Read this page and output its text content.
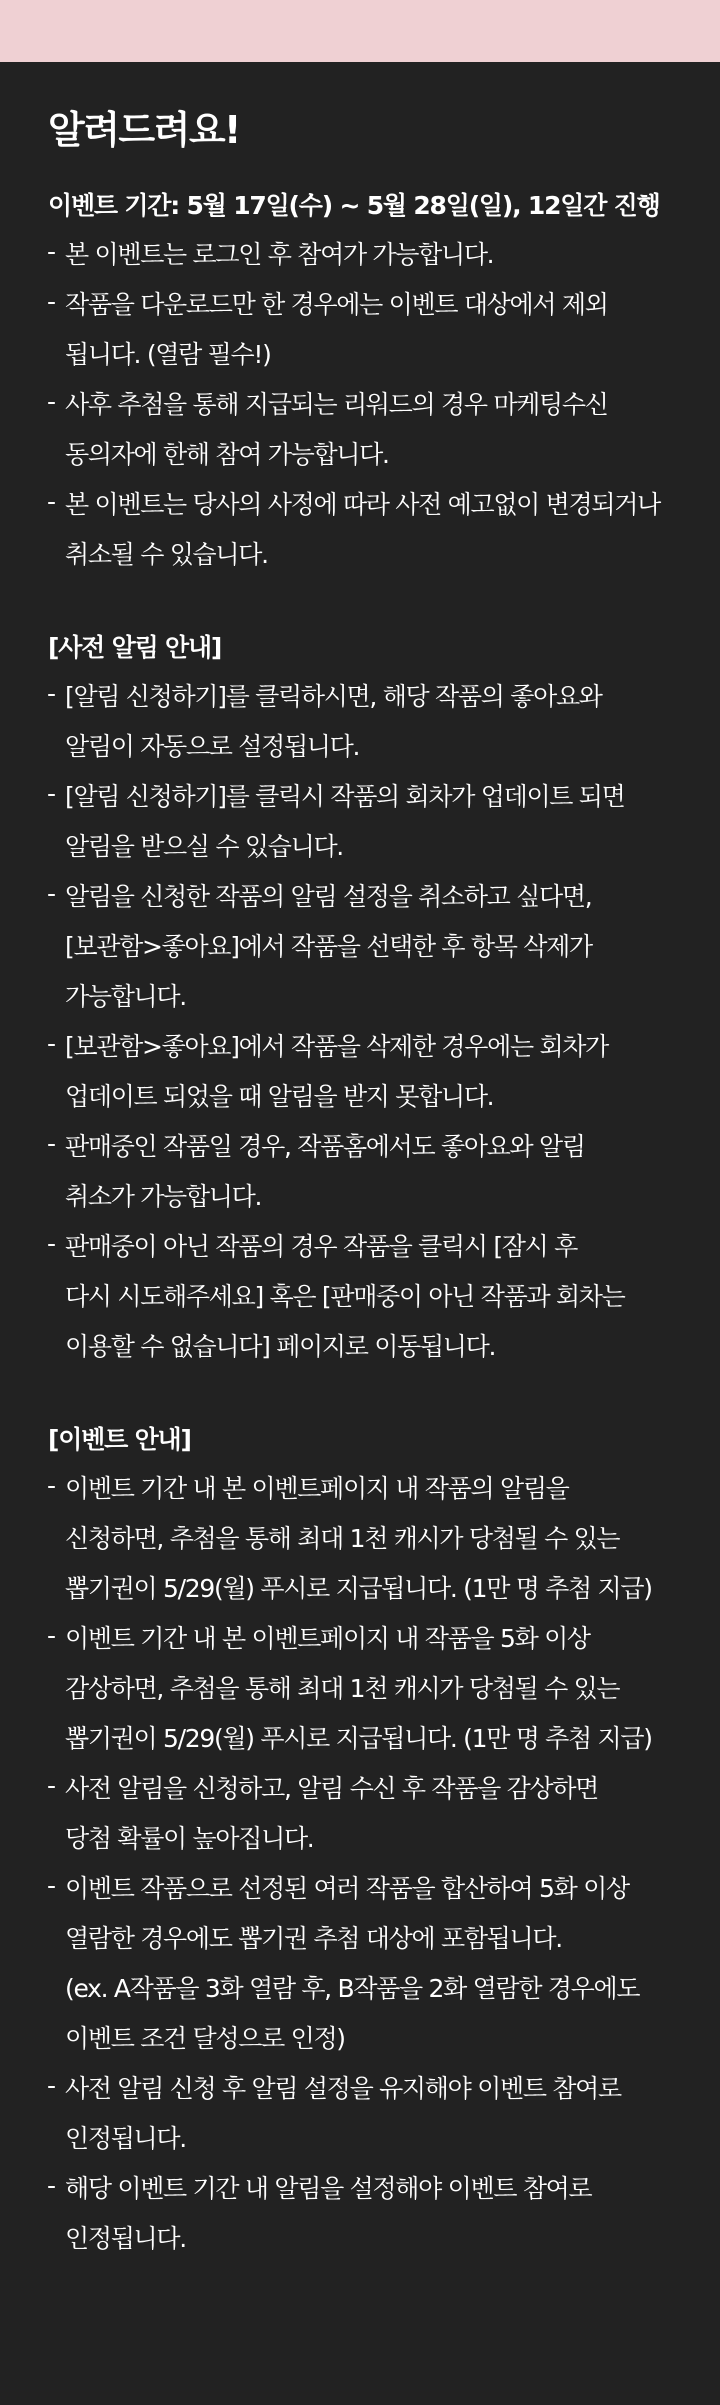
알려드려요!

이벤트 기간: 5월 17일(수) ~ 5월 28일(일), 12일간 진행

- 본 이벤트는 로그인 후 참여가 가능합니다.
- 작품을 다운로드만 한 경우에는 이벤트 대상에서 제외
됩니다. (열람 필수!)
- 사후 추첨을 통해 지급되는 리워드의 경우 마케팅수신
동의자에 한해 참여 가능합니다.
- 본 이벤트는 당사의 사정에 따라 사전 예고없이 변경되거나
취소될 수 있습니다.
[사전 알림 안내]
- [알림 신청하기]를 클릭하시면, 해당 작품의 좋아요와
알림이 자동으로 설정됩니다.
- [알림 신청하기]를 클릭시 작품의 회차가 업데이트 되면
알림을 받으실 수 있습니다.
- 알림을 신청한 작품의 알림 설정을 취소하고 싶다면,
[보관함>좋아요]에서 작품을 선택한 후 항목 삭제가
가능합니다.
- [보관함>좋아요]에서 작품을 삭제한 경우에는 회차가
업데이트 되었을 때 알림을 받지 못합니다.
- 판매중인 작품일 경우, 작품홈에서도 좋아요와 알림
취소가 가능합니다.
- 판매중이 아닌 작품의 경우 작품을 클릭시 [잠시 후
다시 시도해주세요] 혹은 [판매중이 아닌 작품과 회차는
이용할 수 없습니다] 페이지로 이동됩니다.
[이벤트 안내]
- 이벤트 기간 내 본 이벤트페이지 내 작품의 알림을
신청하면, 추첨을 통해 최대 1천 캐시가 당첨될 수 있는
뽑기권이 5/29(월) 푸시로 지급됩니다. (1만 명 추첨 지급)
- 이벤트 기간 내 본 이벤트페이지 내 작품을 5화 이상
감상하면, 추첨을 통해 최대 1천 캐시가 당첨될 수 있는
뽑기권이 5/29(월) 푸시로 지급됩니다. (1만 명 추첨 지급)
- 사전 알림을 신청하고, 알림 수신 후 작품을 감상하면
당첨 확률이 높아집니다.
- 이벤트 작품으로 선정된 여러 작품을 합산하여 5화 이상
열람한 경우에도 뽑기권 추첨 대상에 포함됩니다.
(ex. A작품을 3화 열람 후, B작품을 2화 열람한 경우에도
이벤트 조건 달성으로 인정)
- 사전 알림 신청 후 알림 설정을 유지해야 이벤트 참여로
인정됩니다.
- 해당 이벤트 기간 내 알림을 설정해야 이벤트 참여로
인정됩니다.
